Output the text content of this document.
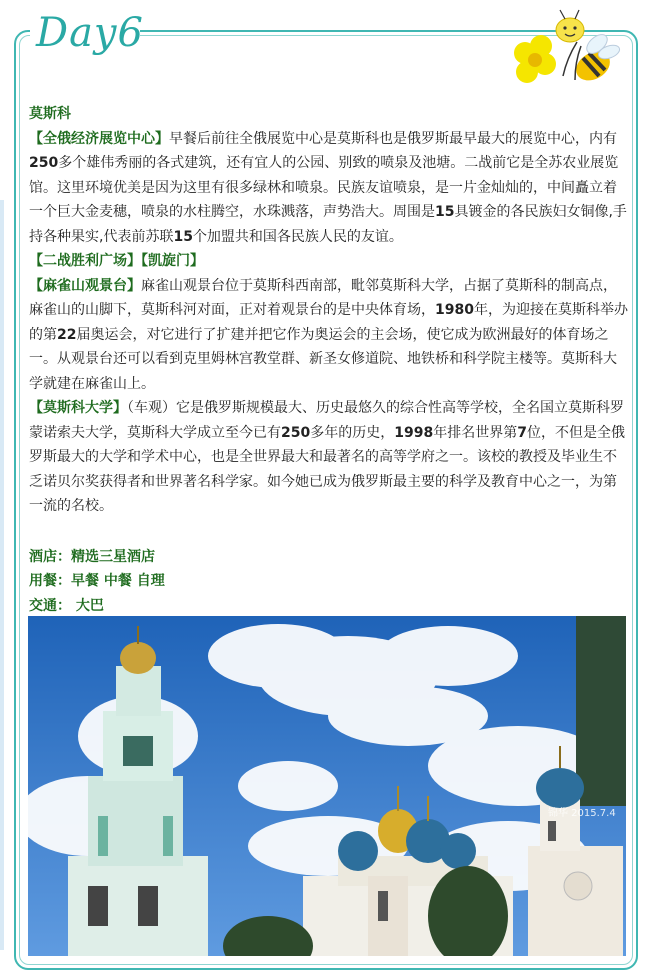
Day6

莫斯科

【全俄经济展览中心】早餐后前往全俄展览中心是莫斯科也是俄罗斯最早最大的展览中心，内有250多个雄伟秀丽的各式建筑，还有宜人的公园、别致的喷泉及池塘。二战前它是全苏农业展览馆。这里环境优美是因为这里有很多绿林和喷泉。民族友谊喷泉，是一片金灿灿的，中间矗立着一个巨大金麦穗，喷泉的水柱腾空，水珠溅落，声势浩大。周围是15具镀金的各民族妇女铜像,手持各种果实,代表前苏联15个加盟共和国各民族人民的友谊。

【二战胜利广场】【凯旋门】

【麻雀山观景台】麻雀山观景台位于莫斯科西南部，毗邻莫斯科大学，占据了莫斯科的制高点，麻雀山的山脚下，莫斯科河对面，正对着观景台的是中央体育场，1980年，为迎接在莫斯科举办的第22届奥运会，对它进行了扩建并把它作为奥运会的主会场，使它成为欧洲最好的体育场之一。从观景台还可以看到克里姆林宫教堂群、新圣女修道院、地铁桥和科学院主楼等。莫斯科大学就建在麻雀山上。

【莫斯科大学】（车观）它是俄罗斯规模最大、历史最悠久的综合性高等学校，全名国立莫斯科罗蒙诺索夫大学，莫斯科大学成立至今已有250多年的历史，1998年排名世界第7位，不但是全俄罗斯最大的大学和学术中心，也是全世界最大和最著名的高等学府之一。该校的教授及毕业生不乏诺贝尔奖获得者和世界著名科学家。如今她已成为俄罗斯最主要的科学及教育中心之一，为第一流的名校。

酒店：精选三星酒店

用餐：早餐 中餐 自理

交通： 大巴

锦华 2015.7.4
